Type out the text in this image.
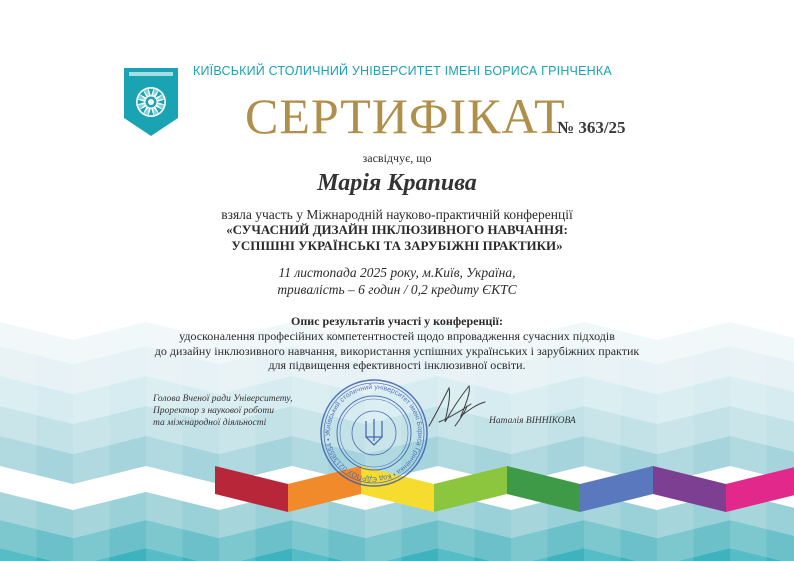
КИЇВСЬКИЙ СТОЛИЧНИЙ УНІВЕРСИТЕТ ІМЕНІ БОРИСА ГРІНЧЕНКА
СЕРТИФІКАТ
№ 363/25
засвідчує, що
Марія Крапива
взяла участь у Міжнародній науково-практичній конференції
«СУЧАСНИЙ ДИЗАЙН ІНКЛЮЗИВНОГО НАВЧАННЯ:
УСПІШНІ УКРАЇНСЬКІ ТА ЗАРУБІЖНІ ПРАКТИКИ»
11 листопада 2025 року, м.Київ, Україна,
тривалість – 6 годин / 0,2 кредиту ЄКТС
Опис результатів участі у конференції:
удосконалення професійних компетентностей щодо впровадження сучасних підходів
до дизайну інклюзивного навчання, використання успішних українських і зарубіжних практик
для підвищення ефективності інклюзивної освіти.
Голова Вченої ради Університету,
Проректор з наукової роботи
та міжнародної діяльності
Київський столичний університет імені Бориса Грінченка • Код ЄДРПОУ 02136554 • У
Наталія ВІННІКОВА
